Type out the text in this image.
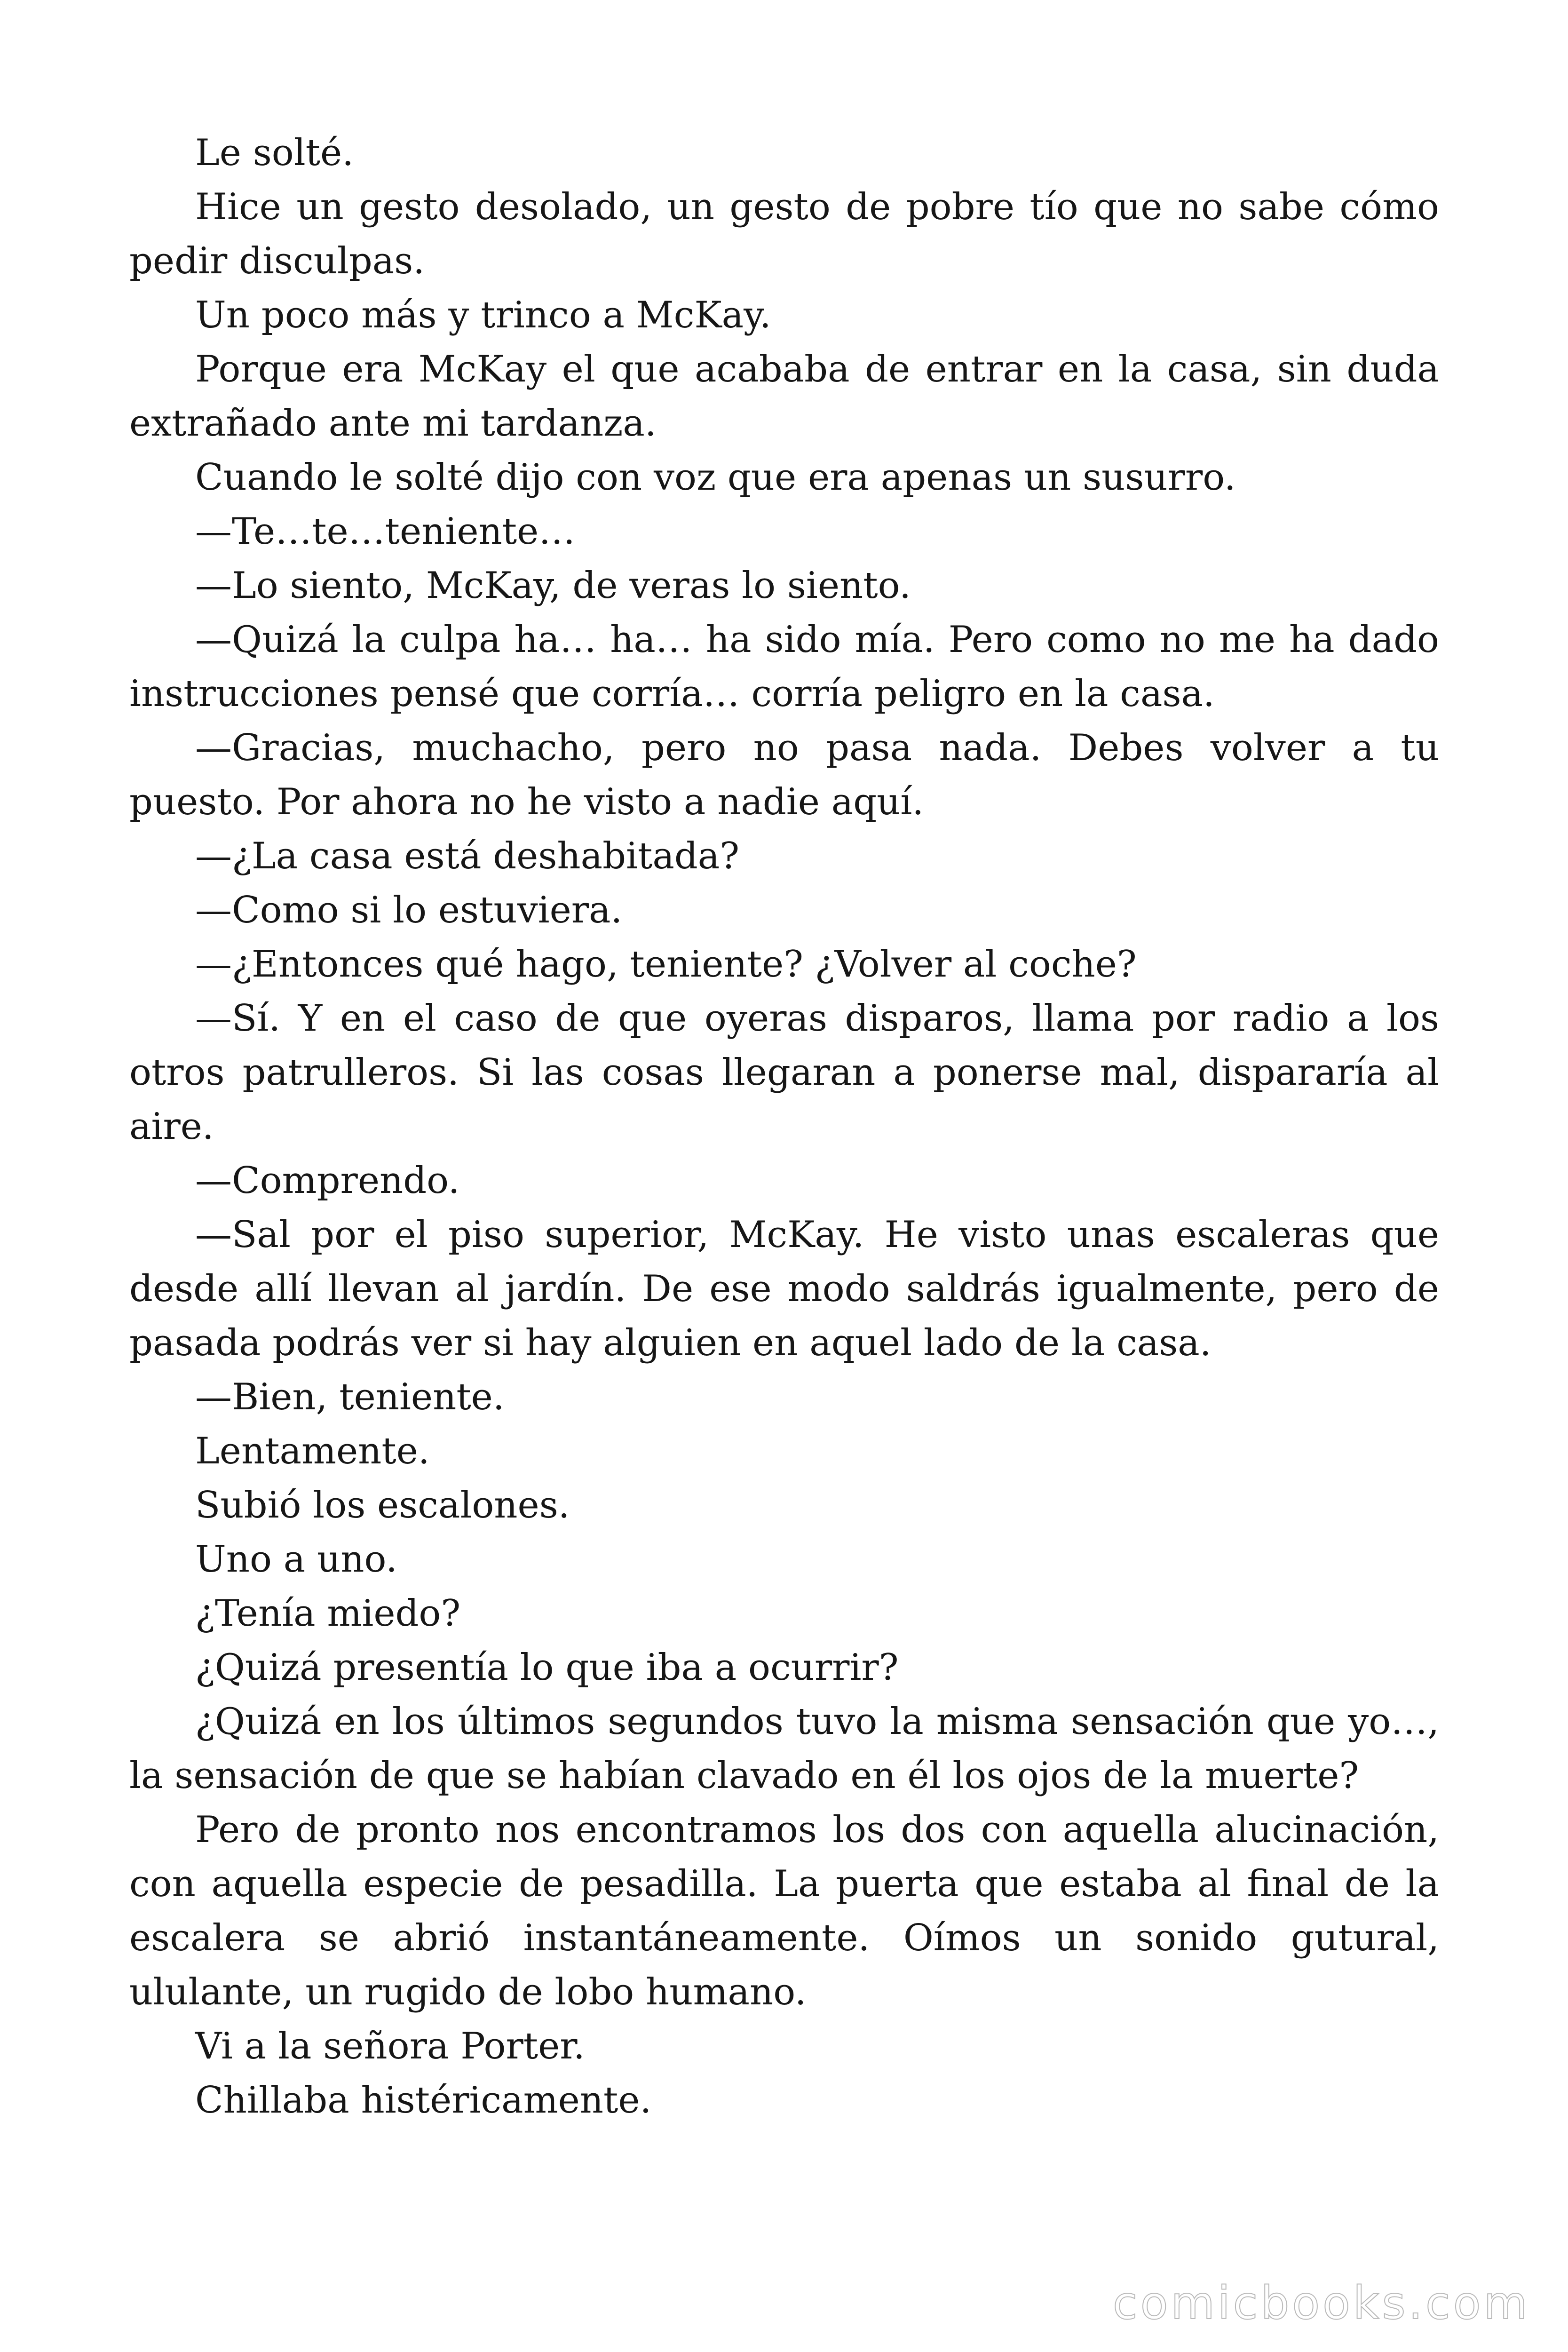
Le solté.

Hice un gesto desolado, un gesto de pobre tío que no sabe cómo pedir disculpas.

Un poco más y trinco a McKay.

Porque era McKay el que acababa de entrar en la casa, sin duda extrañado ante mi tardanza.

Cuando le solté dijo con voz que era apenas un susurro.

—Te…te…teniente…

—Lo siento, McKay, de veras lo siento.

—Quizá la culpa ha… ha… ha sido mía. Pero como no me ha dado instrucciones pensé que corría… corría peligro en la casa.

—Gracias, muchacho, pero no pasa nada. Debes volver a tu puesto. Por ahora no he visto a nadie aquí.

—¿La casa está deshabitada?

—Como si lo estuviera.

—¿Entonces qué hago, teniente? ¿Volver al coche?

—Sí. Y en el caso de que oyeras disparos, llama por radio a los otros patrulleros. Si las cosas llegaran a ponerse mal, dispararía al aire.

—Comprendo.

—Sal por el piso superior, McKay. He visto unas escaleras que desde allí llevan al jardín. De ese modo saldrás igualmente, pero de pasada podrás ver si hay alguien en aquel lado de la casa.

—Bien, teniente.

Lentamente.

Subió los escalones.

Uno a uno.

¿Tenía miedo?

¿Quizá presentía lo que iba a ocurrir?

¿Quizá en los últimos segundos tuvo la misma sensación que yo…, la sensación de que se habían clavado en él los ojos de la muerte?

Pero de pronto nos encontramos los dos con aquella alucinación, con aquella especie de pesadilla. La puerta que estaba al final de la escalera se abrió instantáneamente. Oímos un sonido gutural, ululante, un rugido de lobo humano.

Vi a la señora Porter.

Chillaba histéricamente.

comicbooks.com
